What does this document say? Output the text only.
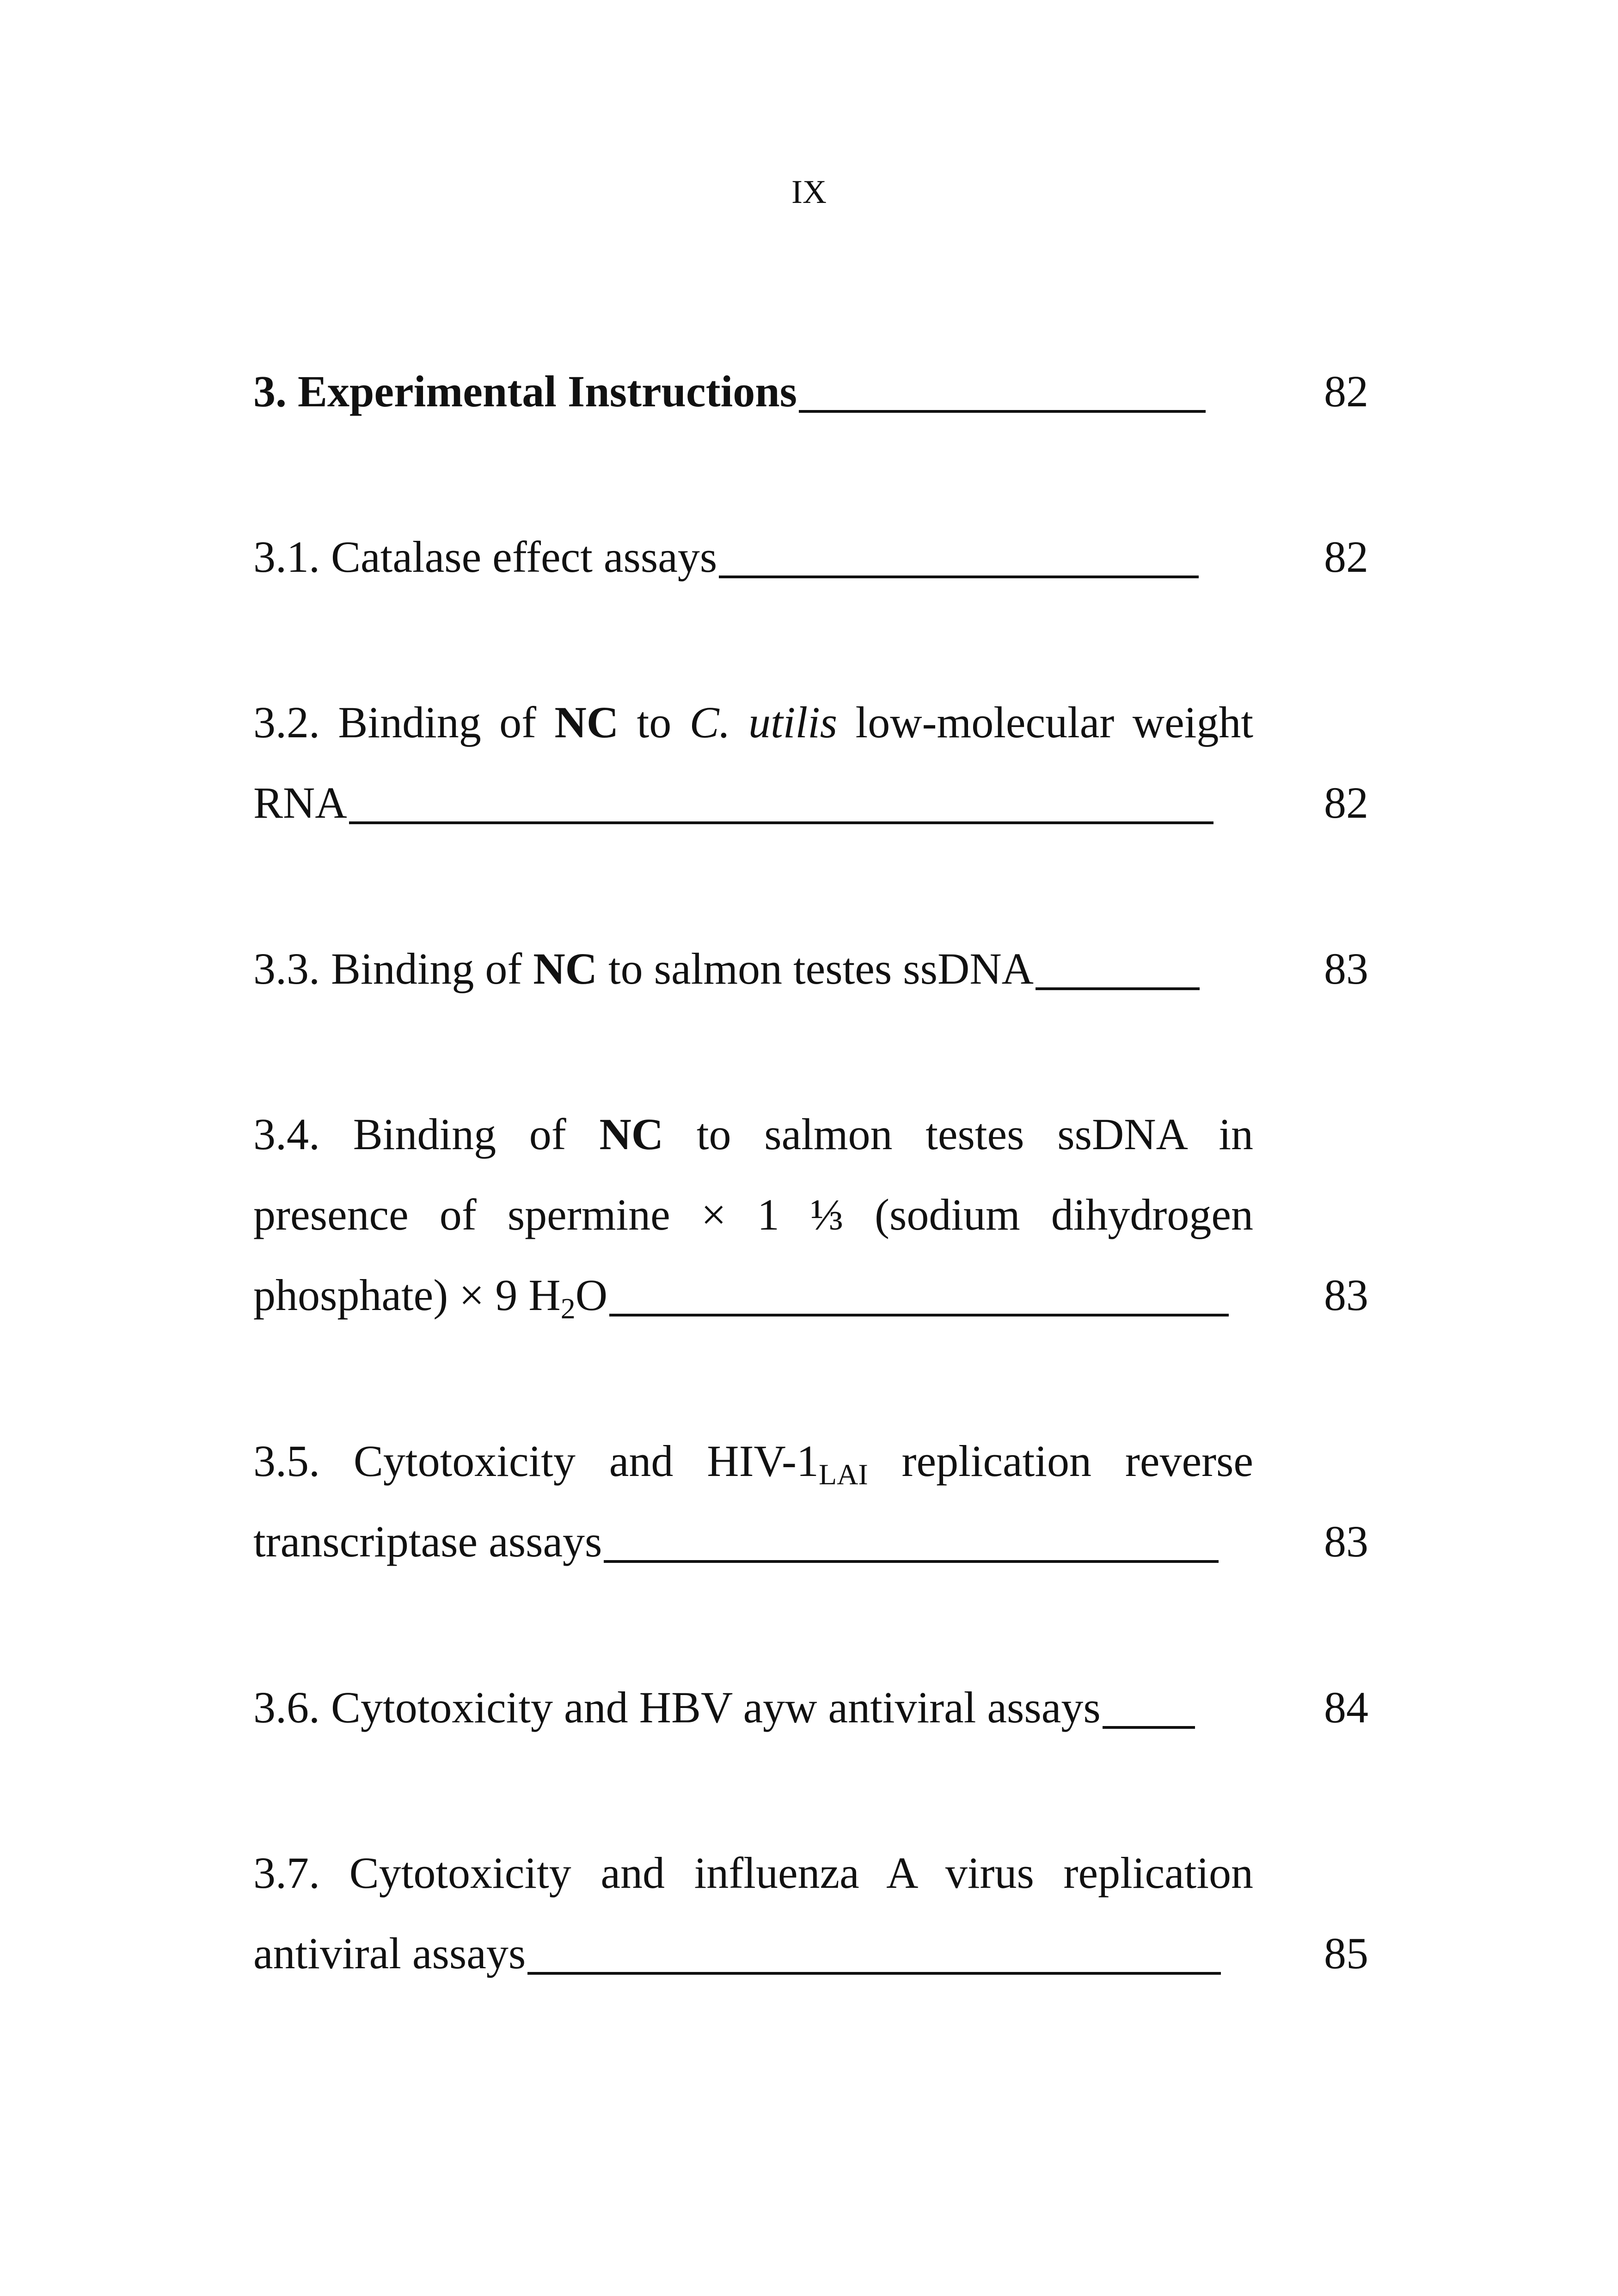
IX
3. Experimental Instructions	82
3.1. Catalase effect assays	82
3.2. Binding of NC to C. utilis low-molecular weight
RNA	82
3.3. Binding of NC to salmon testes ssDNA	83
3.4. Binding of NC to salmon testes ssDNA in
presence of spermine × 1 ⅓ (sodium dihydrogen
phosphate) × 9 $H_2O$	83
3.5. Cytotoxicity and HIV-$1_{LAI}$ replication reverse
transcriptase assays	83
3.6. Cytotoxicity and HBV ayw antiviral assays	84
3.7. Cytotoxicity and influenza A virus replication
antiviral assays	85
